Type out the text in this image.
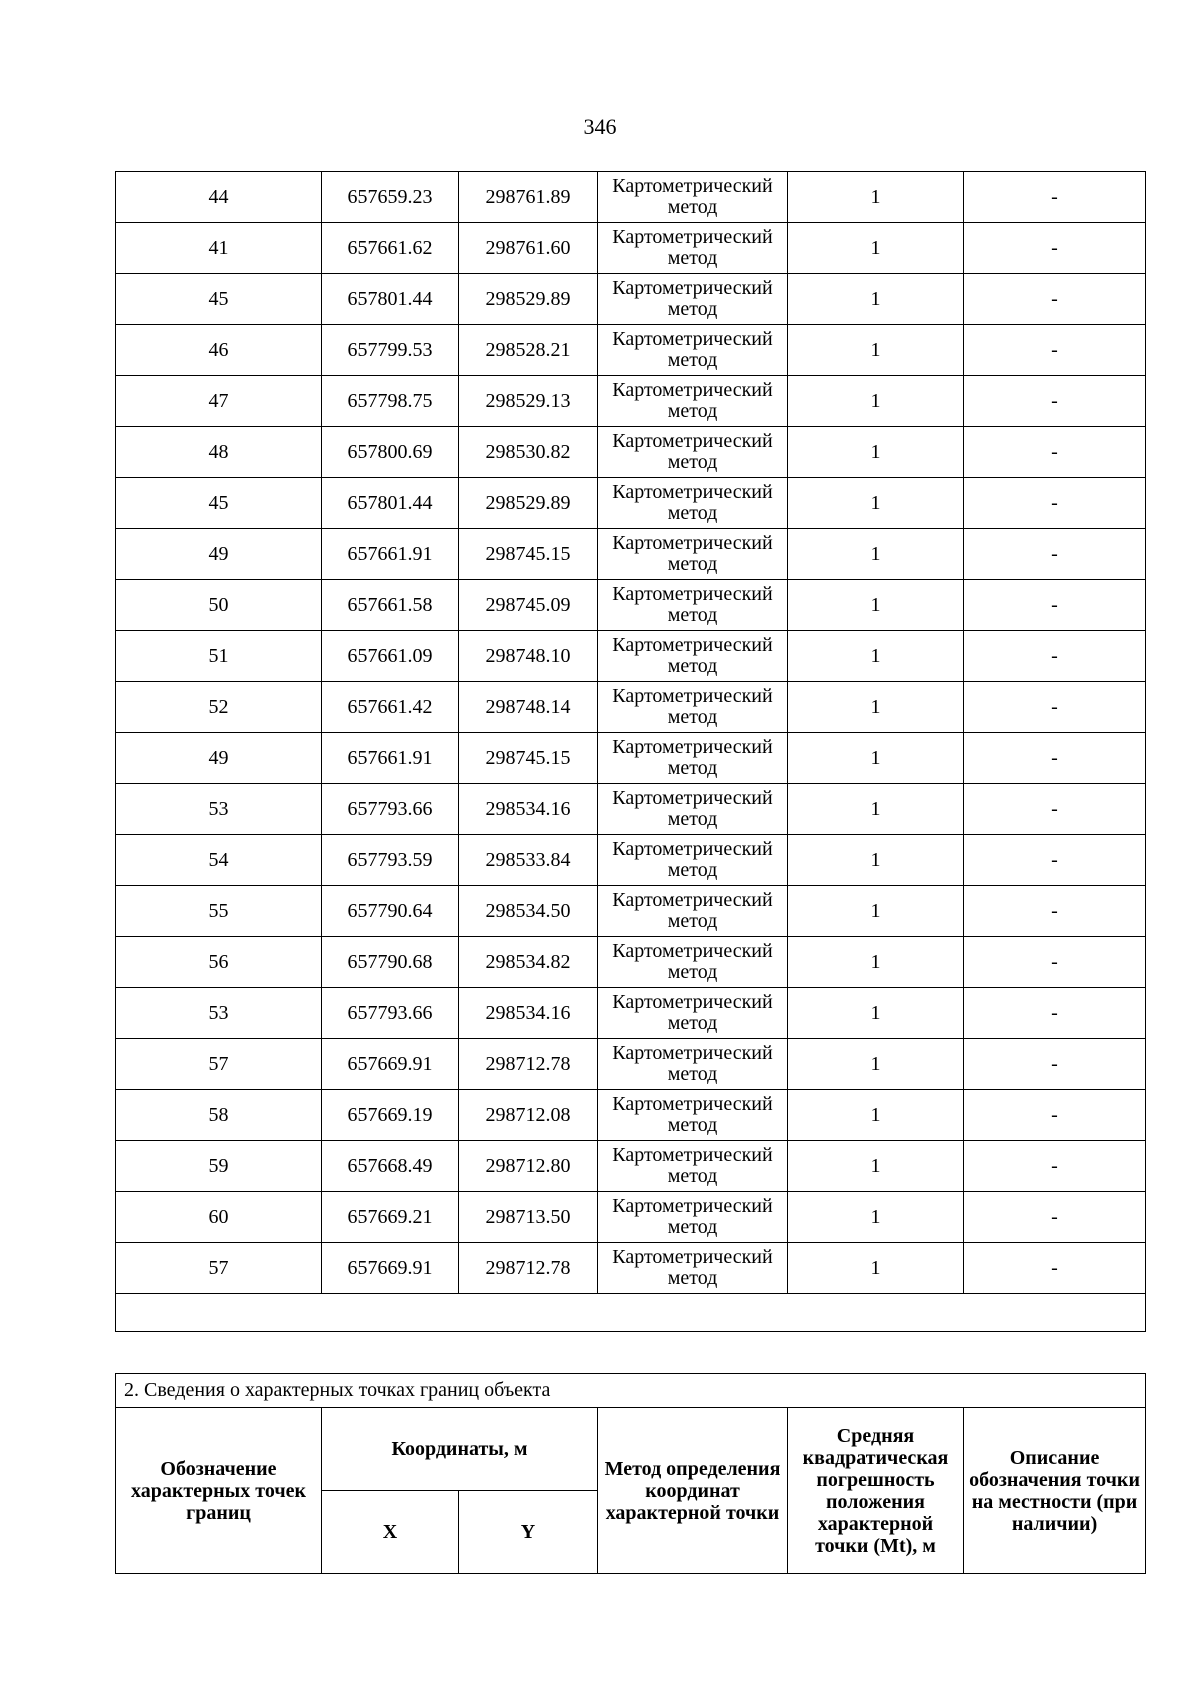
346
44	657659.23	298761.89	Картометрический метод	1	-
41	657661.62	298761.60	Картометрический метод	1	-
45	657801.44	298529.89	Картометрический метод	1	-
46	657799.53	298528.21	Картометрический метод	1	-
47	657798.75	298529.13	Картометрический метод	1	-
48	657800.69	298530.82	Картометрический метод	1	-
45	657801.44	298529.89	Картометрический метод	1	-
49	657661.91	298745.15	Картометрический метод	1	-
50	657661.58	298745.09	Картометрический метод	1	-
51	657661.09	298748.10	Картометрический метод	1	-
52	657661.42	298748.14	Картометрический метод	1	-
49	657661.91	298745.15	Картометрический метод	1	-
53	657793.66	298534.16	Картометрический метод	1	-
54	657793.59	298533.84	Картометрический метод	1	-
55	657790.64	298534.50	Картометрический метод	1	-
56	657790.68	298534.82	Картометрический метод	1	-
53	657793.66	298534.16	Картометрический метод	1	-
57	657669.91	298712.78	Картометрический метод	1	-
58	657669.19	298712.08	Картометрический метод	1	-
59	657668.49	298712.80	Картометрический метод	1	-
60	657669.21	298713.50	Картометрический метод	1	-
57	657669.91	298712.78	Картометрический метод	1	-

2. Сведения о характерных точках границ объекта					
Обозначение характерных точек границ	Координаты, м		Метод определения координат характерной точки	Средняя квадратическая погрешность положения характерной точки (Mt), м	Описание обозначения точки на местности (при наличии)
	X	Y			
